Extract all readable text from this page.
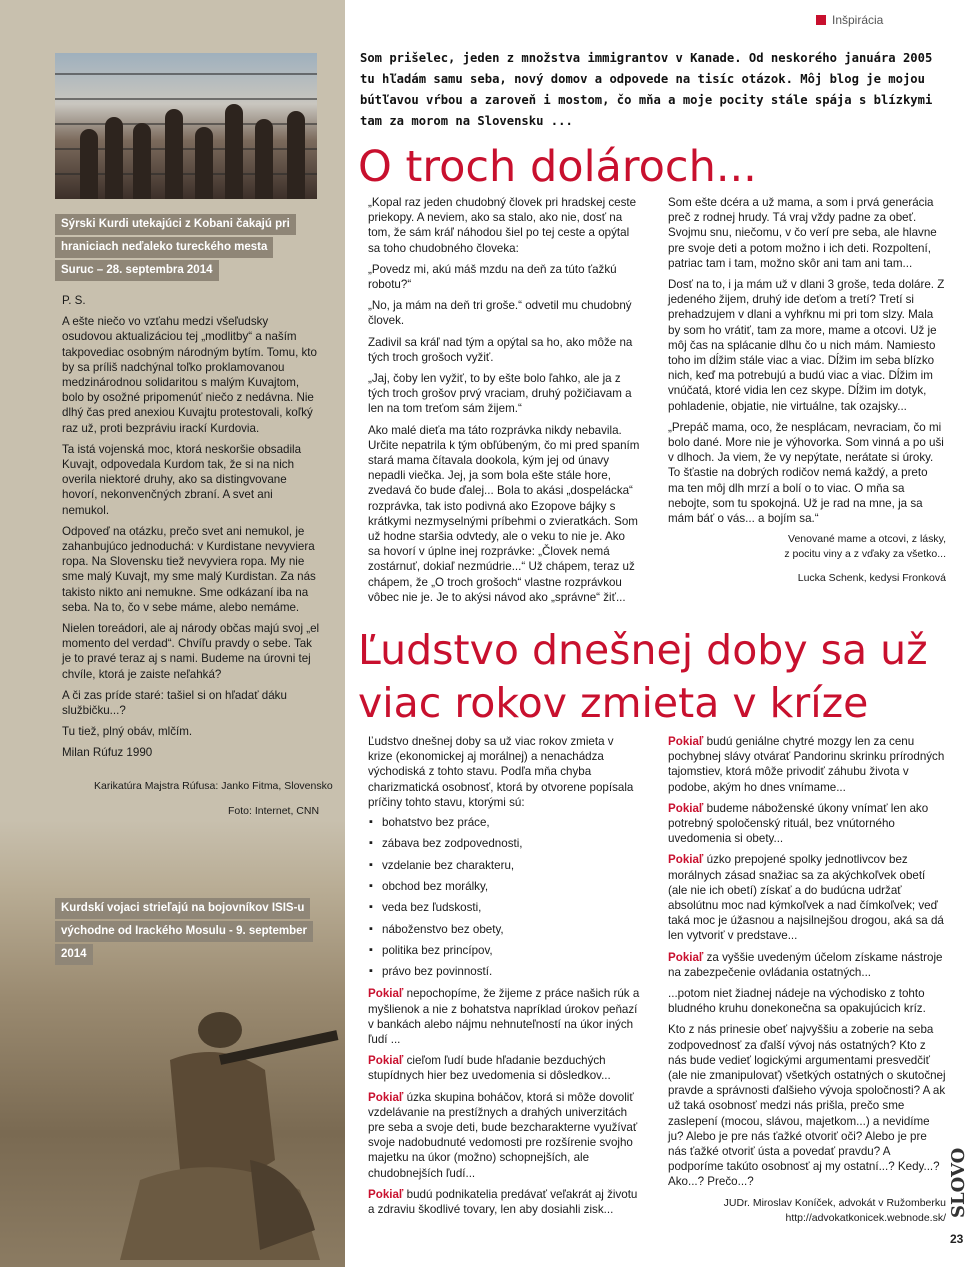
Sýrski Kurdi utekajúci z Kobani čakajú pri
hraniciach neďaleko tureckého mesta
Suruc – 28. septembra 2014

P. S.

A ešte niečo vo vzťahu medzi všeľudsky osudovou aktualizáciou tej „modlitby“ a naším takpovediac osobným národným bytím. Tomu, kto by sa príliš nadchýnal toľko proklamovanou medzinárodnou solidaritou s malým Kuvajtom, bolo by osožné pripomenúť niečo z nedávna. Nie dlhý čas pred anexiou Kuvajtu protestovali, koľký raz už, proti bezpráviu irackí Kurdovia.

Ta istá vojenská moc, ktorá neskoršie obsadila Kuvajt, odpovedala Kurdom tak, že si na nich overila niektoré druhy, ako sa distingvovane hovorí, nekonvenčných zbraní. A svet ani nemukol.

Odpoveď na otázku, prečo svet ani nemukol, je zahanbujúco jednoduchá: v Kurdistane nevyviera ropa. Na Slovensku tiež nevyviera ropa. My nie sme malý Kuvajt, my sme malý Kurdistan. Za nás takisto nikto ani nemukne. Sme odkázaní iba na seba. Na to, čo v sebe máme, alebo nemáme.

Nielen toreádori, ale aj národy občas majú svoj „el momento del verdad“. Chvíľu pravdy o sebe. Tak je to pravé teraz aj s nami. Budeme na úrovni tej chvíle, ktorá je zaiste neľahká?

A či zas príde staré: tašiel si on hľadať dáku službičku...?

Tu tiež, plný obáv, mlčím.

Milan Rúfuz 1990

Karikatúra Majstra Rúfusa: Janko Fitma, Slovensko
Foto: Internet, CNN
Kurdskí vojaci strieľajú na bojovníkov ISIS-u
východne od Irackého Mosulu - 9. september
2014
Inšpirácia
Som prišelec, jeden z množstva immigrantov v Kanade. Od neskorého januára 2005 tu hľadám samu seba, nový domov a odpovede na tisíc otázok. Môj blog je mojou bútľavou vŕbou a zaroveň i mostom, čo mňa a moje pocity stále spája s blízkymi tam za morom na Slovensku ...
O troch dolároch...

„Kopal raz jeden chudobný človek pri hradskej ceste priekopy. A neviem, ako sa stalo, ako nie, dosť na tom, že sám kráľ náhodou šiel po tej ceste a opýtal sa toho chudobného človeka:

„Povedz mi, akú máš mzdu na deň za túto ťažkú robotu?“

„No, ja mám na deň tri groše.“ odvetil mu chudobný človek.

Zadivil sa kráľ nad tým a opýtal sa ho, ako môže na tých troch grošoch vyžiť.

„Jaj, čoby len vyžiť, to by ešte bolo ľahko, ale ja z tých troch grošov prvý vraciam, druhý požičiavam a len na tom treťom sám žijem.“

Ako malé dieťa ma táto rozprávka nikdy nebavila. Určite nepatrila k tým obľúbeným, čo mi pred spaním stará mama čítavala dookola, kým jej od únavy nepadli viečka. Jej, ja som bola ešte stále hore, zvedavá čo bude ďalej... Bola to akási „dospelácka“ rozprávka, tak isto podivná ako Ezopove bájky s krátkymi nezmyselnými príbehmi o zvieratkách. Som už hodne staršia odvtedy, ale o veku to nie je. Ako sa hovorí v úplne inej rozprávke: „Človek nemá zostárnuť, dokiaľ nezmúdrie...“ Už chápem, teraz už chápem, že „O troch grošoch“ vlastne rozprávkou vôbec nie je. Je to akýsi návod ako „správne“ žiť...

Som ešte dcéra a už mama, a som i prvá generácia preč z rodnej hrudy. Tá vraj vždy padne za obeť. Svojmu snu, niečomu, v čo verí pre seba, ale hlavne pre svoje deti a potom možno i ich deti. Rozpoltení, patriac tam i tam, možno skôr ani tam ani tam...

Dosť na to, i ja mám už v dlani 3 groše, teda doláre. Z jedeného žijem, druhý ide deťom a tretí? Tretí si prehadzujem v dlani a vyhŕknu mi pri tom slzy. Mala by som ho vrátiť, tam za more, mame a otcovi. Už je môj čas na splácanie dlhu čo u nich mám. Namiesto toho im dĺžim stále viac a viac. Dĺžim im seba blízko nich, keď ma potrebujú a budú viac a viac. Dĺžim im vnúčatá, ktoré vidia len cez skype. Dĺžim im dotyk, pohladenie, objatie, nie virtuálne, tak ozajsky...

„Prepáč mama, oco, že nesplácam, nevraciam, čo mi bolo dané. More nie je výhovorka. Som vinná a po uši v dlhoch. Ja viem, že vy nepýtate, nerátate si úroky. To šťastie na dobrých rodičov nemá každý, a preto ma ten môj dlh mrzí a bolí o to viac. O mňa sa nebojte, som tu spokojná. Už je rad na mne, ja sa mám báť o vás... a bojím sa.“

Venované mame a otcovi, z lásky,
z pocitu viny a z vďaky za všetko...
Lucka Schenk, kedysi Fronková
Ľudstvo dnešnej doby sa už
viac rokov zmieta v kríze

Ľudstvo dnešnej doby sa už viac rokov zmieta v krize (ekonomickej aj morálnej) a nenachádza východiská z tohto stavu. Podľa mňa chyba charizmatická osobnosť, ktorá by otvorene popísala príčiny tohto stavu, ktorými sú:

▪ bohatstvo bez práce,
▪ zábava bez zodpovednosti,
▪ vzdelanie bez charakteru,
▪ obchod bez morálky,
▪ veda bez ľudskosti,
▪ náboženstvo bez obety,
▪ politika bez princípov,
▪ právo bez povinností.

Pokiaľ nepochopíme, že žijeme z práce našich rúk a myšlienok a nie z bohatstva napríklad úrokov peňazí v bankách alebo nájmu nehnuteľností na úkor iných ľudí ...

Pokiaľ cieľom ľudí bude hľadanie bezduchých stupídnych hier bez uvedomenia si dôsledkov...

Pokiaľ úzka skupina boháčov, ktorá si môže dovoliť vzdelávanie na prestížnych a drahých univerzitách pre seba a svoje deti, bude bezcharakterne využívať svoje nadobudnuté vedomosti pre rozšírenie svojho majetku na úkor (možno) schopnejších, ale chudobnejších ľudí...

Pokiaľ budú podnikatelia predávať veľakrát aj životu a zdraviu škodlivé tovary, len aby dosiahli zisk...

Pokiaľ budú geniálne chytré mozgy len za cenu pochybnej slávy otvárať Pandorinu skrinku prírodných tajomstiev, ktorá môže privodiť záhubu života v podobe, akým ho dnes vnímame...

Pokiaľ budeme náboženské úkony vnímať len ako potrebný spoločenský rituál, bez vnútorného uvedomenia si obety...

Pokiaľ úzko prepojené spolky jednotlivcov bez morálnych zásad snažiac sa za akýchkoľvek obetí (ale nie ich obetí) získať a do budúcna udržať absolútnu moc nad kýmkoľvek a nad čímkoľvek; veď taká moc je úžasnou a najsilnejšou drogou, aká sa dá len vytvoriť v predstave...

Pokiaľ za vyššie uvedeným účelom získame nástroje na zabezpečenie ovládania ostatných...

...potom niet žiadnej nádeje na východisko z tohto bludného kruhu donekonečna sa opakujúcich kríz.

Kto z nás prinesie obeť najvyššiu a zoberie na seba zodpovednosť za ďalší vývoj nás ostatných? Kto z nás bude vedieť logickými argumentami presvedčiť (ale nie zmanipulovať) všetkých ostatných o skutočnej pravde a správnosti ďalšieho vývoja spoločnosti? A ak už taká osobnosť medzi nás prišla, prečo sme zaslepení (mocou, slávou, majetkom...) a nevidíme ju? Alebo je pre nás ťažké otvoriť oči? Alebo je pre nás ťažké otvoriť ústa a povedať pravdu? A podporíme takúto osobnosť aj my ostatní...? Kedy...? Ako...? Prečo...?

JUDr. Miroslav Koníček, advokát v Ružomberku
http://advokatkonicek.webnode.sk/ SLOVO
23
